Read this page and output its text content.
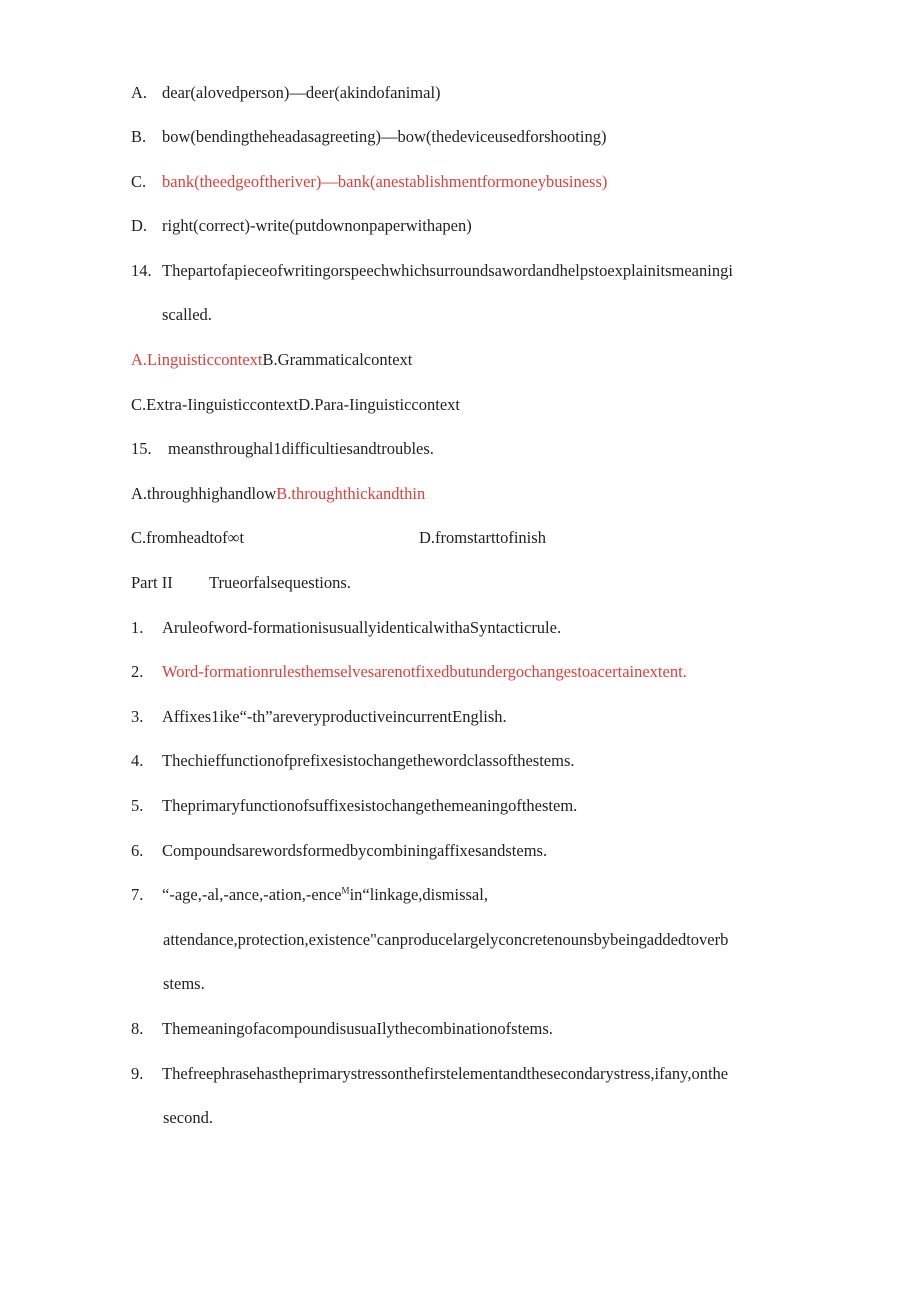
A. dear(alovedperson)—deer(akindofanimal)
B. bow(bendingtheheadasagreeting)—bow(thedeviceusedforshooting)
C. bank(theedgeoftheriver)—bank(anestablishmentformoneybusiness)
D. right(correct)-write(putdownonpaperwithapen)
14. Thepartofapieceofwritingorspeechwhichsurroundsawordandhelpstoexplainitsmeaningi
scalled.
A.LinguisticcontextB.Grammaticalcontext
C.Extra-IinguisticcontextD.Para-Iinguisticcontext
15. meansthroughal1difficultiesandtroubles.
A.throughhighandlowB.throughthickandthin
C.fromheadtof∞t	D.fromstarttofinish
Part II Trueorfalsequestions.
1. Aruleofword-formationisusuallyidenticalwithaSyntacticrule.
2. Word-formationrulesthemselvesarenotfixedbutundergochangestoacertainextent.
3. Affixes1ike“-th”areveryproductiveincurrentEnglish.
4. Thechieffunctionofprefixesistochangethewordclassofthestems.
5. Theprimaryfunctionofsuffixesistochangethemeaningofthestem.
6. Compoundsarewordsformedbycombiningaffixesandstems.
7. “-age,-al,-ance,-ation,-ence$^M$in“linkage,dismissal,
attendance,protection,existence"canproducelargelyconcretenounsbybeingaddedtoverb
stems.
8. ThemeaningofacompoundisusuaIlythecombinationofstems.
9. Thefreephrasehastheprimarystressonthefirstelementandthesecondarystress,ifany,onthe
second.
